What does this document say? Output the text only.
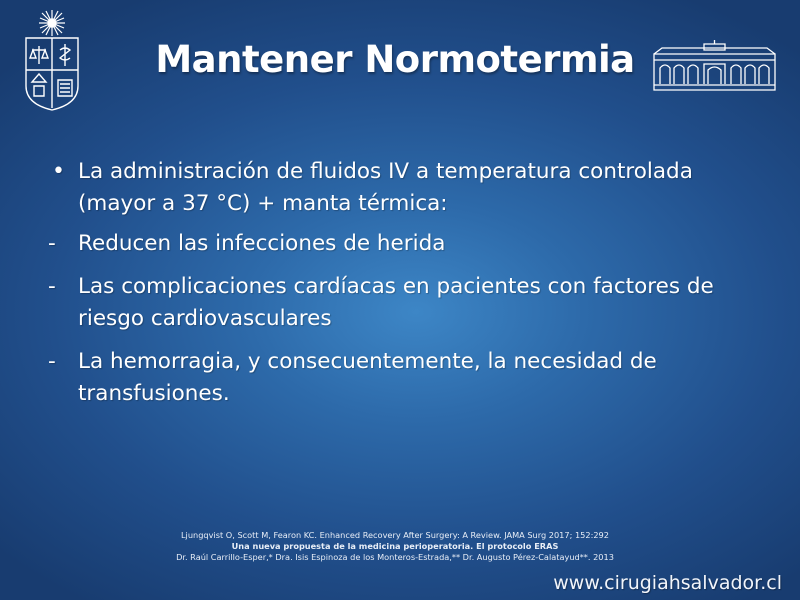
Mantener Normotermia

• La administración de fluidos IV a temperatura controlada (mayor a 37 °C) + manta térmica:

- Reducen las infecciones de herida

- Las complicaciones cardíacas en pacientes con factores de riesgo cardiovasculares

- La hemorragia, y consecuentemente, la necesidad de transfusiones.

Ljungqvist O, Scott M, Fearon KC. Enhanced Recovery After Surgery: A Review. JAMA Surg 2017; 152:292
Una nueva propuesta de la medicina perioperatoria. El protocolo ERAS
Dr. Raúl Carrillo-Esper,* Dra. Isis Espinoza de los Monteros-Estrada,** Dr. Augusto Pérez-Calatayud**. 2013
www.cirugiahsalvador.cl
